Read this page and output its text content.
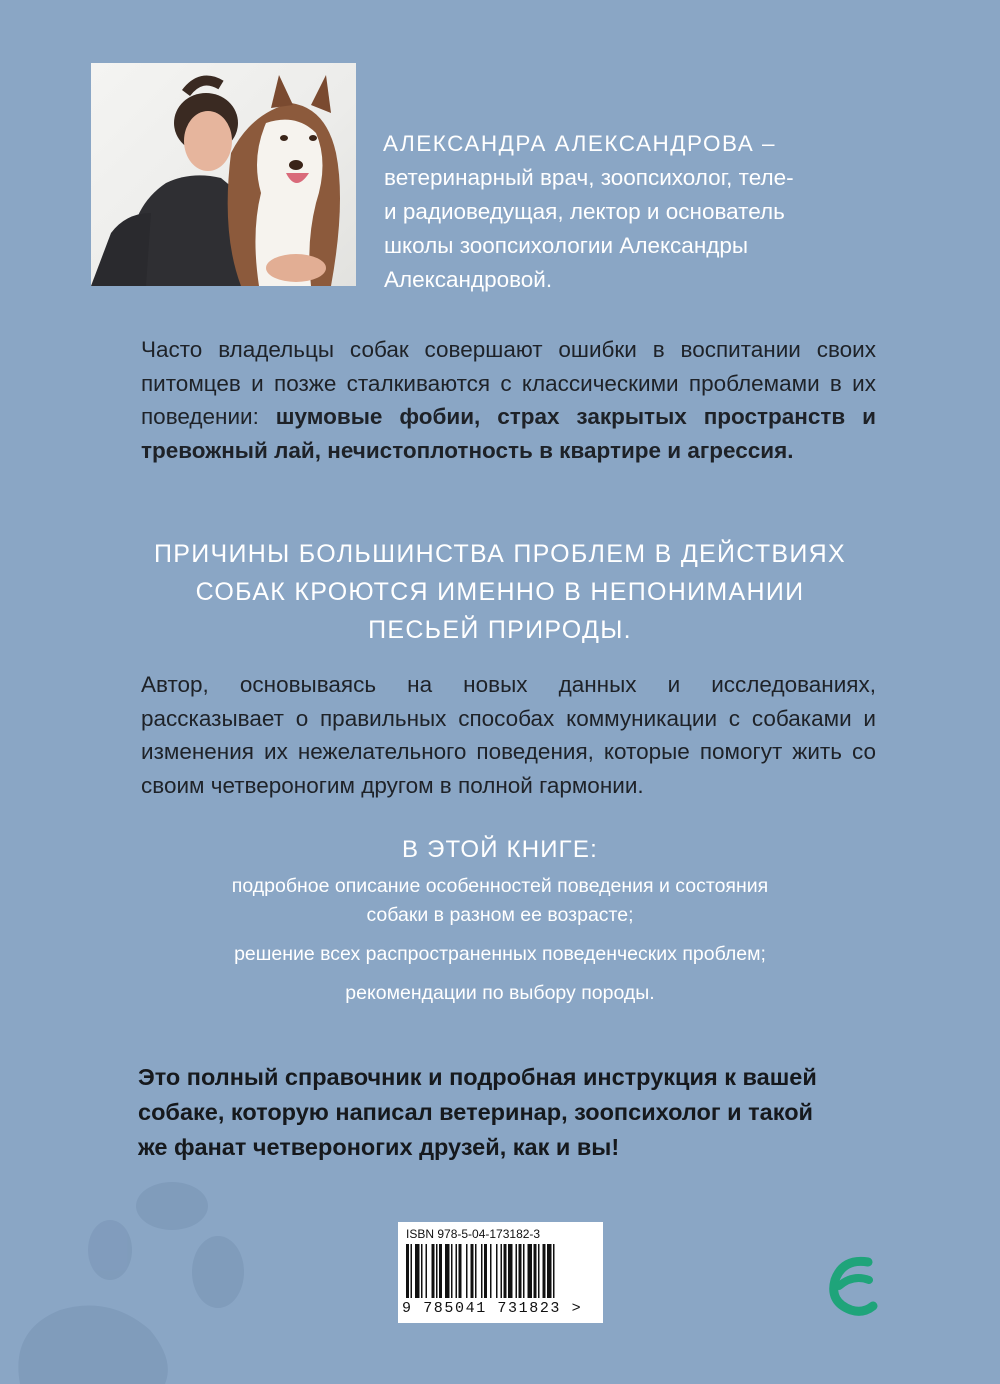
АЛЕКСАНДРА АЛЕКСАНДРОВА –
ветеринарный врач, зоопсихолог, теле-
и радиоведущая, лектор и основатель
школы зоопсихологии Александры
Александровой.
Часто владельцы собак совершают ошибки в воспитании своих питомцев и позже сталкиваются с классическими проблемами в их поведении: шумовые фобии, страх закрытых пространств и тревожный лай, нечистоплотность в квартире и агрессия.
ПРИЧИНЫ БОЛЬШИНСТВА ПРОБЛЕМ В ДЕЙСТВИЯХ
СОБАК КРОЮТСЯ ИМЕННО В НЕПОНИМАНИИ
ПЕСЬЕЙ ПРИРОДЫ.
Автор, основываясь на новых данных и исследованиях, рассказывает о правильных способах коммуникации с собаками и изменения их нежелательного поведения, которые помогут жить со своим четвероногим другом в полной гармонии.
В ЭТОЙ КНИГЕ:
подробное описание особенностей поведения и состояния
собаки в разном ее возрасте;
решение всех распространенных поведенческих проблем;
рекомендации по выбору породы.
Это полный справочник и подробная инструкция к вашей
собаке, которую написал ветеринар, зоопсихолог и такой
же фанат четвероногих друзей, как и вы!
ISBN 978-5-04-173182-3
9 785041 731823 >
